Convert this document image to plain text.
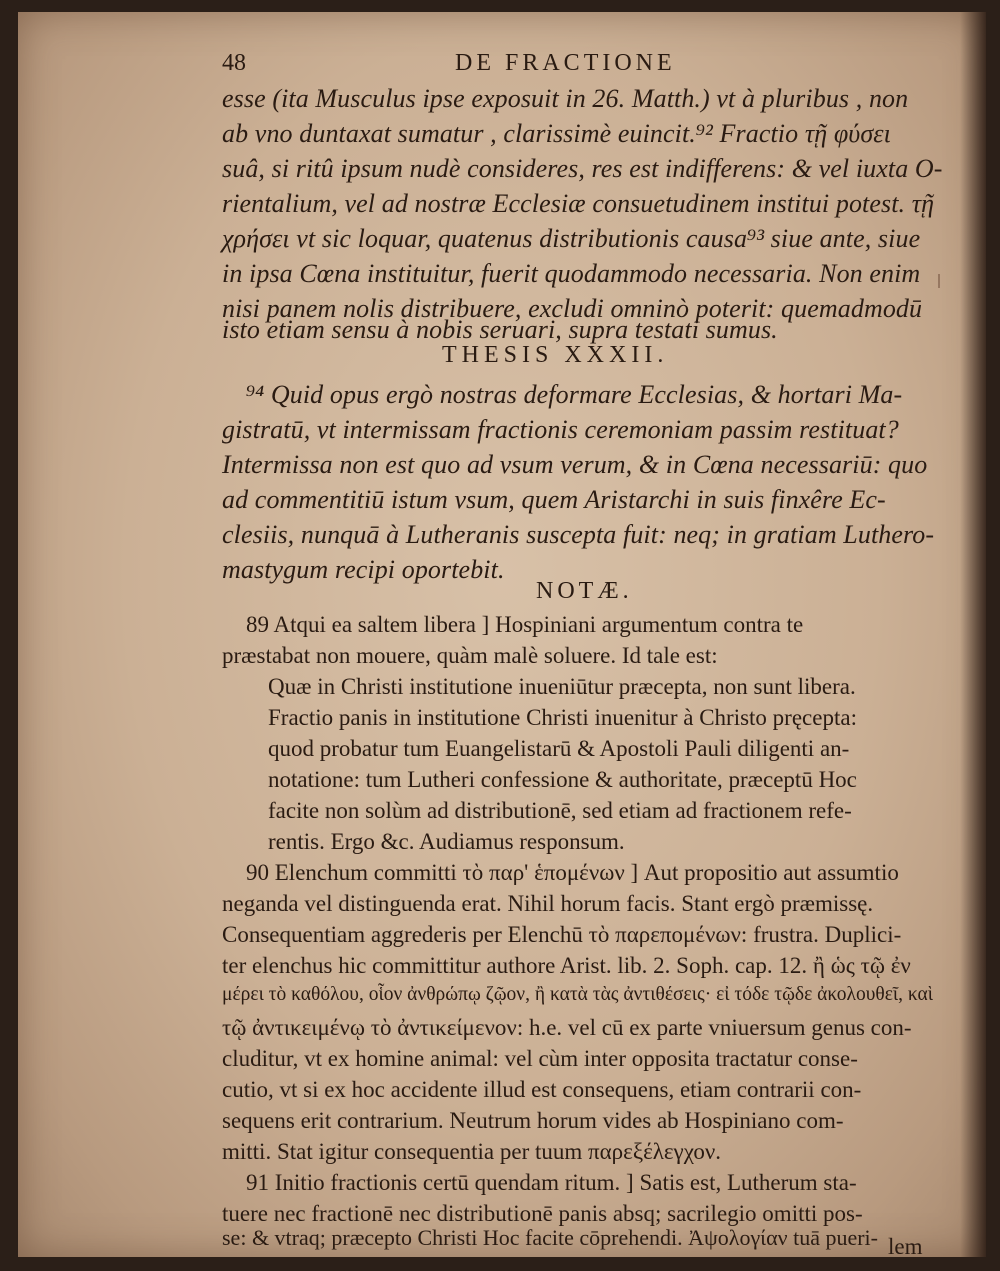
48	DE FRACTIONE
esse (ita Musculus ipse exposuit in 26. Matth.) vt à pluribus , non
ab vno duntaxat sumatur , clarissimè euincit.⁹² Fractio τῇ φύσει
suâ, si ritû ipsum nudè consideres, res est indifferens: & vel iuxta O-
rientalium, vel ad nostræ Ecclesiæ consuetudinem institui potest. τῇ
χρήσει vt sic loquar, quatenus distributionis causa⁹³ siue ante, siue
in ipsa Cœna instituitur, fuerit quodammodo necessaria. Non enim
nisi panem nolis distribuere, excludi omninò poterit: quemadmodū
isto etiam sensu à nobis seruari, supra testati sumus.
THESIS XXXII.
⁹⁴ Quid opus ergò nostras deformare Ecclesias, & hortari Ma-
gistratū, vt intermissam fractionis ceremoniam passim restituat?
Intermissa non est quo ad vsum verum, & in Cœna necessariū: quo
ad commentitiū istum vsum, quem Aristarchi in suis finxêre Ec-
clesiis, nunquā à Lutheranis suscepta fuit: neq; in gratiam Luthero-
mastygum recipi oportebit.
NOTÆ.
89 Atqui ea saltem libera ] Hospiniani argumentum contra te
præstabat non mouere, quàm malè soluere. Id tale est:
Quæ in Christi institutione inueniūtur præcepta, non sunt libera.
Fractio panis in institutione Christi inuenitur à Christo pręcepta:
quod probatur tum Euangelistarū & Apostoli Pauli diligenti an-
notatione: tum Lutheri confessione & authoritate, præceptū Hoc
facite non solùm ad distributionē, sed etiam ad fractionem refe-
rentis. Ergo &c. Audiamus responsum.
90 Elenchum committi τὸ παρ' ἑπομένων ] Aut propositio aut assumtio
neganda vel distinguenda erat. Nihil horum facis. Stant ergò præmissę.
Consequentiam aggrederis per Elenchū τὸ παρεπομένων: frustra. Duplici-
ter elenchus hic committitur authore Arist. lib. 2. Soph. cap. 12. ἢ ὡς τῷ ἐν
μέρει τὸ καθόλου, οἷον ἀνθρώπῳ ζῷον, ἢ κατὰ τὰς ἀντιθέσεις· εἰ τόδε τῷδε ἀκολουθεῖ, καὶ
τῷ ἀντικειμένῳ τὸ ἀντικείμενον: h.e. vel cū ex parte vniuersum genus con-
cluditur, vt ex homine animal: vel cùm inter opposita tractatur conse-
cutio, vt si ex hoc accidente illud est consequens, etiam contrarii con-
sequens erit contrarium. Neutrum horum vides ab Hospiniano com-
mitti. Stat igitur consequentia per tuum παρεξέλεγχον.
91 Initio fractionis certū quendam ritum. ] Satis est, Lutherum sta-
tuere nec fractionē nec distributionē panis absq; sacrilegio omitti pos-
se: & vtraq; præcepto Christi Hoc facite cōprehendi. Ἀψολογίαν tuā pueri- lem
